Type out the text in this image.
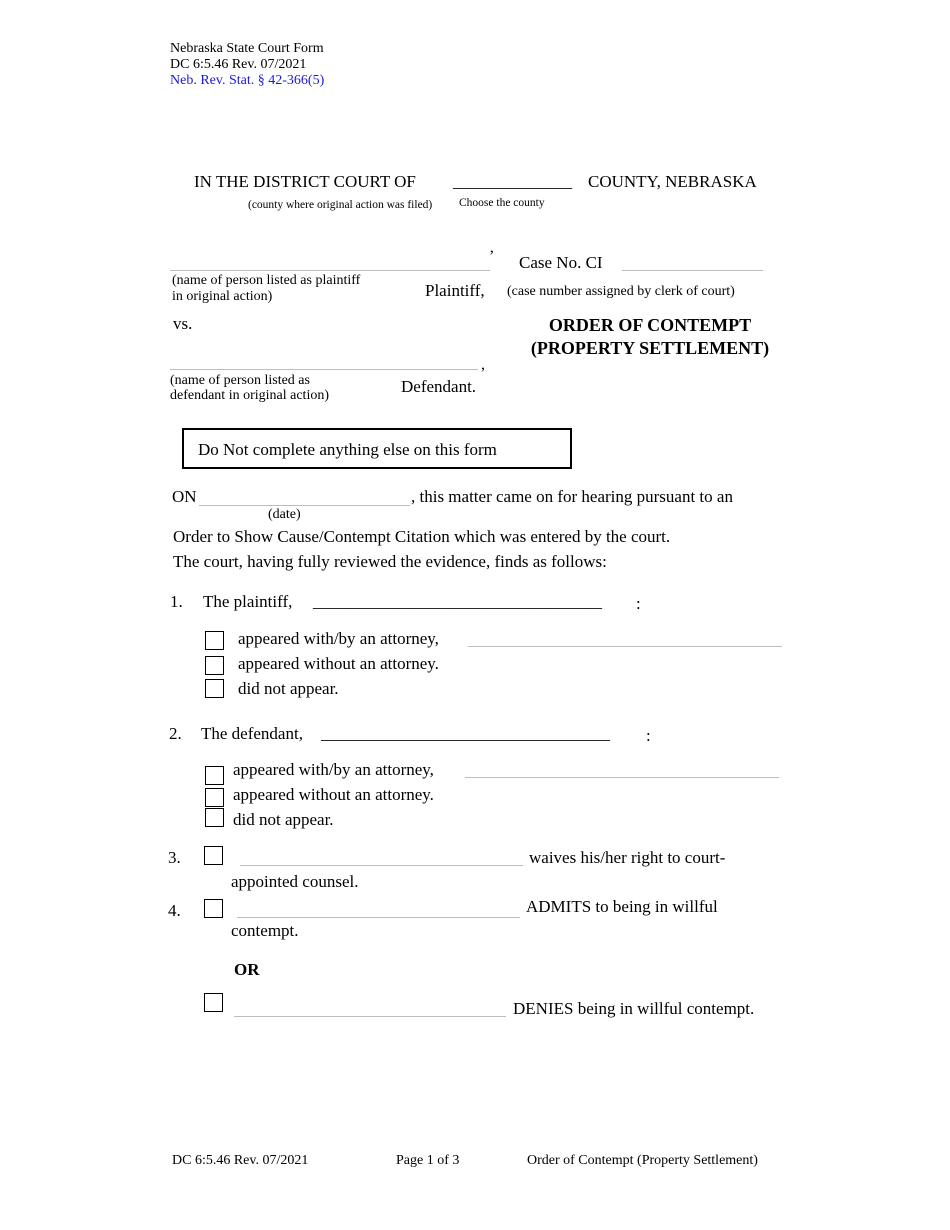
Nebraska State Court Form
DC 6:5.46 Rev. 07/2021
Neb. Rev. Stat. § 42-366(5)
IN THE DISTRICT COURT OF ______________ COUNTY, NEBRASKA
(county where original action was filed) Choose the county
’
(name of person listed as plaintiff
in original action)	Plaintiff,
Case No. CI
(case number assigned by clerk of court)
vs.	ORDER OF CONTEMPT
(PROPERTY SETTLEMENT)
,
(name of person listed as
defendant in original action)	Defendant.
Do Not complete anything else on this form
ON	, this matter came on for hearing pursuant to an
(date)
Order to Show Cause/Contempt Citation which was entered by the court.
The court, having fully reviewed the evidence, finds as follows:
1. The plaintiff, __________________________________ :
appeared with/by an attorney,
appeared without an attorney.
did not appear.
2. The defendant, __________________________________ :
appeared with/by an attorney,
appeared without an attorney.
did not appear.
3.	waives his/her right to court-
appointed counsel.
4.	ADMITS to being in willful
contempt.
OR
DENIES being in willful contempt.
DC 6:5.46 Rev. 07/2021	Page 1 of 3	Order of Contempt (Property Settlement)
